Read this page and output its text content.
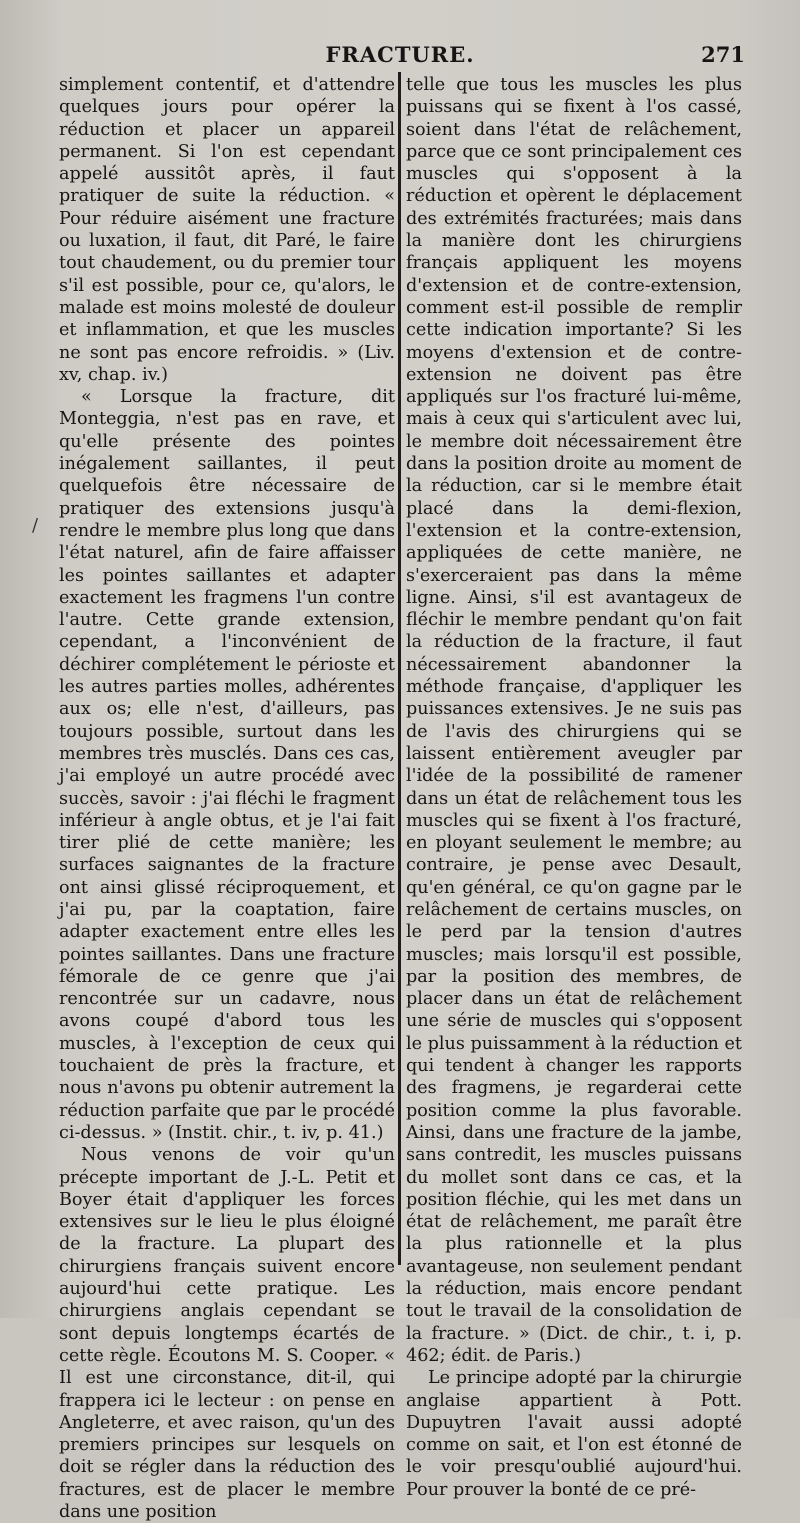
FRACTURE.	271
/

simplement contentif, et d'attendre quelques jours pour opérer la réduction et placer un appareil permanent. Si l'on est cependant appelé aussitôt après, il faut pratiquer de suite la réduction. « Pour réduire aisément une fracture ou luxation, il faut, dit Paré, le faire tout chaudement, ou du premier tour s'il est possible, pour ce, qu'alors, le malade est moins molesté de douleur et inflammation, et que les muscles ne sont pas encore refroidis. » (Liv. xv, chap. iv.)

« Lorsque la fracture, dit Monteggia, n'est pas en rave, et qu'elle présente des pointes inégalement saillantes, il peut quelquefois être nécessaire de pratiquer des extensions jusqu'à rendre le membre plus long que dans l'état naturel, afin de faire affaisser les pointes saillantes et adapter exactement les fragmens l'un contre l'autre. Cette grande extension, cependant, a l'inconvénient de déchirer complétement le périoste et les autres parties molles, adhérentes aux os; elle n'est, d'ailleurs, pas toujours possible, surtout dans les membres très musclés. Dans ces cas, j'ai employé un autre procédé avec succès, savoir : j'ai fléchi le fragment inférieur à angle obtus, et je l'ai fait tirer plié de cette manière; les surfaces saignantes de la fracture ont ainsi glissé réciproquement, et j'ai pu, par la coaptation, faire adapter exactement entre elles les pointes saillantes. Dans une fracture fémorale de ce genre que j'ai rencontrée sur un cadavre, nous avons coupé d'abord tous les muscles, à l'exception de ceux qui touchaient de près la fracture, et nous n'avons pu obtenir autrement la réduction parfaite que par le procédé ci-dessus. » (Instit. chir., t. iv, p. 41.)

Nous venons de voir qu'un précepte important de J.-L. Petit et Boyer était d'appliquer les forces extensives sur le lieu le plus éloigné de la fracture. La plupart des chirurgiens français suivent encore aujourd'hui cette pratique. Les chirurgiens anglais cependant se sont depuis longtemps écartés de cette règle. Écoutons M. S. Cooper. « Il est une circonstance, dit-il, qui frappera ici le lecteur : on pense en Angleterre, et avec raison, qu'un des premiers principes sur lesquels on doit se régler dans la réduction des fractures, est de placer le membre dans une position

telle que tous les muscles les plus puissans qui se fixent à l'os cassé, soient dans l'état de relâchement, parce que ce sont principalement ces muscles qui s'opposent à la réduction et opèrent le déplacement des extrémités fracturées; mais dans la manière dont les chirurgiens français appliquent les moyens d'extension et de contre-extension, comment est-il possible de remplir cette indication importante? Si les moyens d'extension et de contre-extension ne doivent pas être appliqués sur l'os fracturé lui-même, mais à ceux qui s'articulent avec lui, le membre doit nécessairement être dans la position droite au moment de la réduction, car si le membre était placé dans la demi-flexion, l'extension et la contre-extension, appliquées de cette manière, ne s'exerceraient pas dans la même ligne. Ainsi, s'il est avantageux de fléchir le membre pendant qu'on fait la réduction de la fracture, il faut nécessairement abandonner la méthode française, d'appliquer les puissances extensives. Je ne suis pas de l'avis des chirurgiens qui se laissent entièrement aveugler par l'idée de la possibilité de ramener dans un état de relâchement tous les muscles qui se fixent à l'os fracturé, en ployant seulement le membre; au contraire, je pense avec Desault, qu'en général, ce qu'on gagne par le relâchement de certains muscles, on le perd par la tension d'autres muscles; mais lorsqu'il est possible, par la position des membres, de placer dans un état de relâchement une série de muscles qui s'opposent le plus puissamment à la réduction et qui tendent à changer les rapports des fragmens, je regarderai cette position comme la plus favorable. Ainsi, dans une fracture de la jambe, sans contredit, les muscles puissans du mollet sont dans ce cas, et la position fléchie, qui les met dans un état de relâchement, me paraît être la plus rationnelle et la plus avantageuse, non seulement pendant la réduction, mais encore pendant tout le travail de la consolidation de la fracture. » (Dict. de chir., t. i, p. 462; édit. de Paris.)

Le principe adopté par la chirurgie anglaise appartient à Pott. Dupuytren l'avait aussi adopté comme on sait, et l'on est étonné de le voir presqu'oublié aujourd'hui. Pour prouver la bonté de ce pré-
